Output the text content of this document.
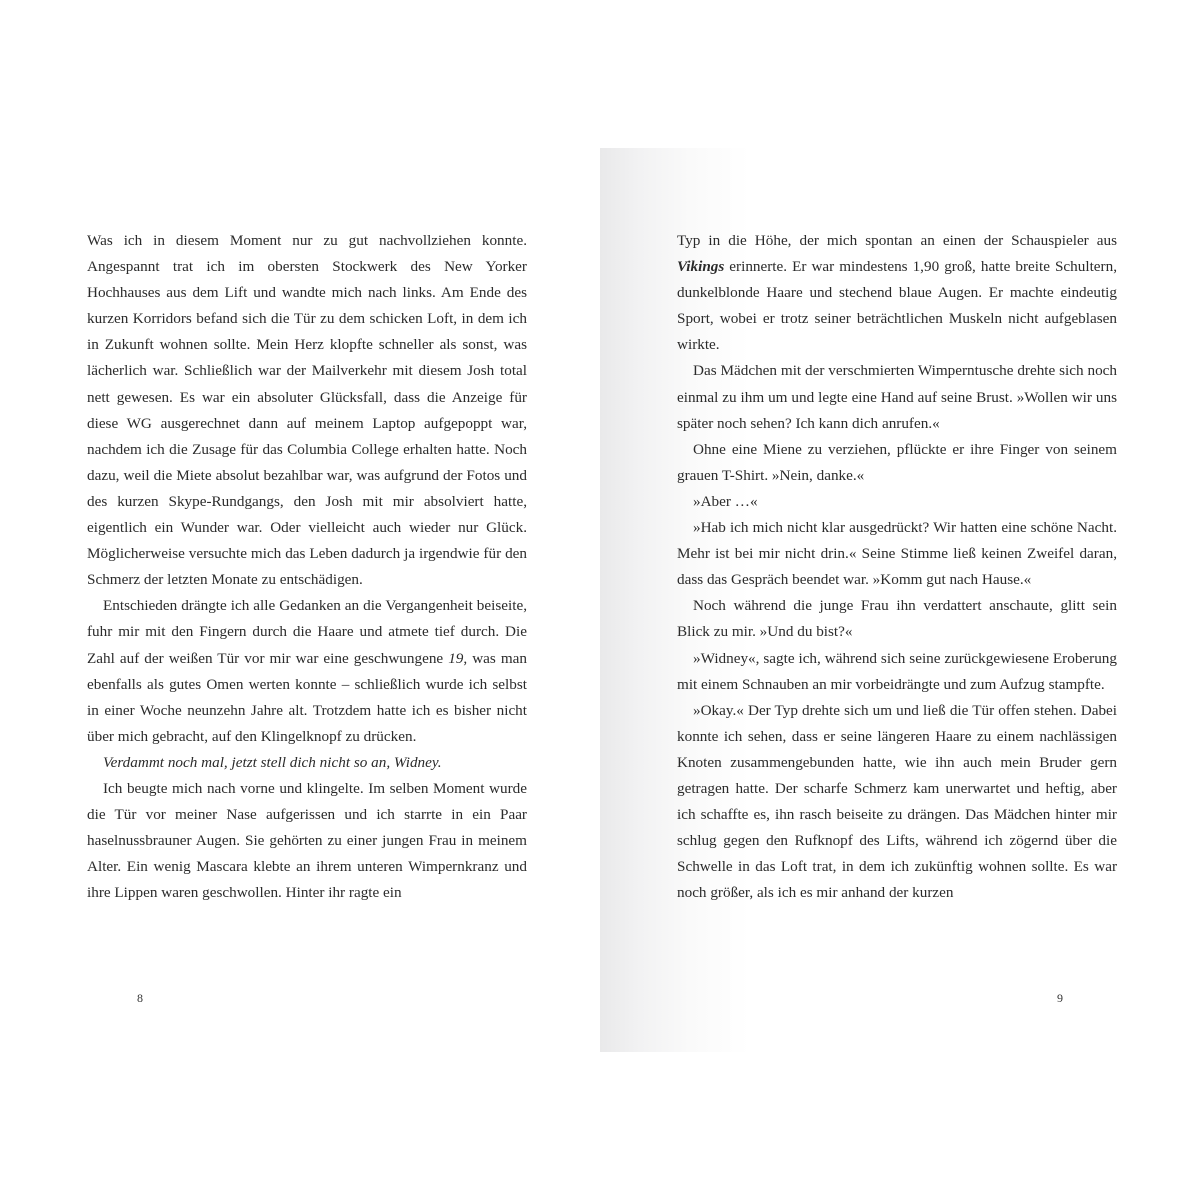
Was ich in diesem Moment nur zu gut nachvollziehen konnte. Angespannt trat ich im obersten Stockwerk des New Yorker Hochhauses aus dem Lift und wandte mich nach links. Am Ende des kurzen Korridors befand sich die Tür zu dem schicken Loft, in dem ich in Zukunft wohnen sollte. Mein Herz klopfte schneller als sonst, was lächerlich war. Schließlich war der Mailverkehr mit diesem Josh total nett gewesen. Es war ein absoluter Glücksfall, dass die Anzeige für diese WG ausgerechnet dann auf meinem Laptop aufgepoppt war, nachdem ich die Zusage für das Columbia College erhalten hatte. Noch dazu, weil die Miete absolut bezahlbar war, was aufgrund der Fotos und des kurzen Skype-Rundgangs, den Josh mit mir absolviert hatte, eigentlich ein Wunder war. Oder vielleicht auch wieder nur Glück. Möglicherweise versuchte mich das Leben dadurch ja irgendwie für den Schmerz der letzten Monate zu entschädigen.

Entschieden drängte ich alle Gedanken an die Vergangenheit beiseite, fuhr mir mit den Fingern durch die Haare und atmete tief durch. Die Zahl auf der weißen Tür vor mir war eine geschwungene 19, was man ebenfalls als gutes Omen werten konnte – schließlich wurde ich selbst in einer Woche neunzehn Jahre alt. Trotzdem hatte ich es bisher nicht über mich gebracht, auf den Klingelknopf zu drücken.

Verdammt noch mal, jetzt stell dich nicht so an, Widney.

Ich beugte mich nach vorne und klingelte. Im selben Moment wurde die Tür vor meiner Nase aufgerissen und ich starrte in ein Paar haselnussbrauner Augen. Sie gehörten zu einer jungen Frau in meinem Alter. Ein wenig Mascara klebte an ihrem unteren Wimpernkranz und ihre Lippen waren geschwollen. Hinter ihr ragte ein

8

Typ in die Höhe, der mich spontan an einen der Schauspieler aus Vikings erinnerte. Er war mindestens 1,90 groß, hatte breite Schultern, dunkelblonde Haare und stechend blaue Augen. Er machte eindeutig Sport, wobei er trotz seiner beträchtlichen Muskeln nicht aufgeblasen wirkte.

Das Mädchen mit der verschmierten Wimperntusche drehte sich noch einmal zu ihm um und legte eine Hand auf seine Brust. »Wollen wir uns später noch sehen? Ich kann dich anrufen.«

Ohne eine Miene zu verziehen, pflückte er ihre Finger von seinem grauen T-Shirt. »Nein, danke.«

»Aber …«

»Hab ich mich nicht klar ausgedrückt? Wir hatten eine schöne Nacht. Mehr ist bei mir nicht drin.« Seine Stimme ließ keinen Zweifel daran, dass das Gespräch beendet war. »Komm gut nach Hause.«

Noch während die junge Frau ihn verdattert anschaute, glitt sein Blick zu mir. »Und du bist?«

»Widney«, sagte ich, während sich seine zurückgewiesene Eroberung mit einem Schnauben an mir vorbeidrängte und zum Aufzug stampfte.

»Okay.« Der Typ drehte sich um und ließ die Tür offen stehen. Dabei konnte ich sehen, dass er seine längeren Haare zu einem nachlässigen Knoten zusammengebunden hatte, wie ihn auch mein Bruder gern getragen hatte. Der scharfe Schmerz kam unerwartet und heftig, aber ich schaffte es, ihn rasch beiseite zu drängen. Das Mädchen hinter mir schlug gegen den Rufknopf des Lifts, während ich zögernd über die Schwelle in das Loft trat, in dem ich zukünftig wohnen sollte. Es war noch größer, als ich es mir anhand der kurzen

9
